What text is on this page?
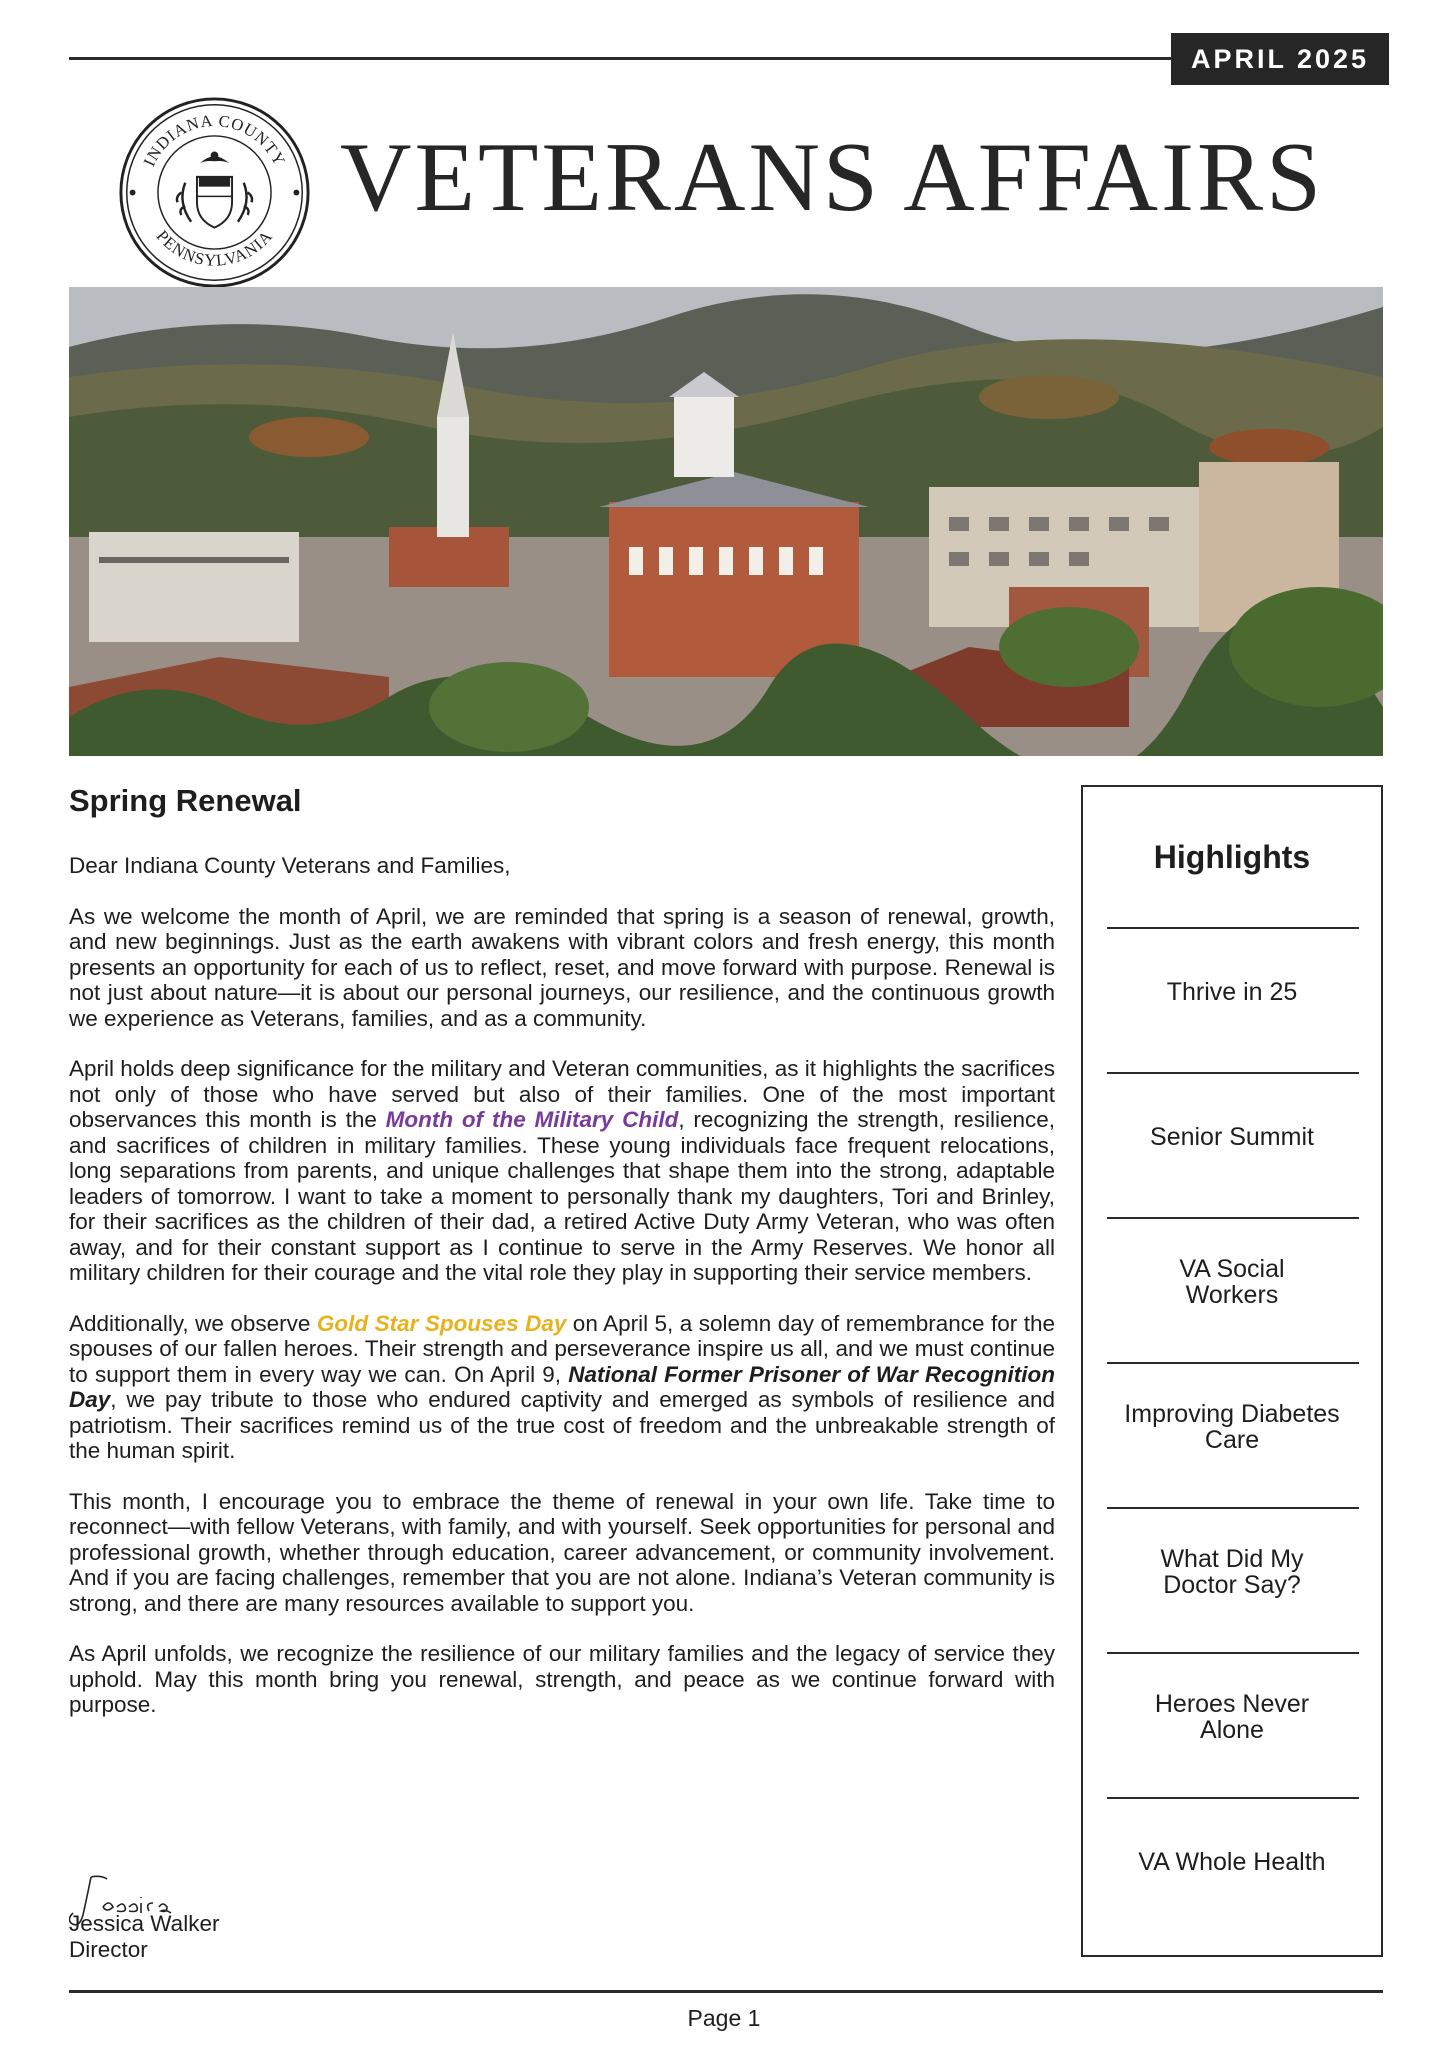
APRIL 2025
INDIANA COUNTY
PENNSYLVANIA
VETERANS AFFAIRS
Spring Renewal

Dear Indiana County Veterans and Families,

As we welcome the month of April, we are reminded that spring is a season of renewal, growth, and new beginnings. Just as the earth awakens with vibrant colors and fresh energy, this month presents an opportunity for each of us to reflect, reset, and move forward with purpose. Renewal is not just about nature—it is about our personal journeys, our resilience, and the continuous growth we experience as Veterans, families, and as a community.

April holds deep significance for the military and Veteran communities, as it highlights the sacrifices not only of those who have served but also of their families. One of the most important observances this month is the Month of the Military Child, recognizing the strength, resilience, and sacrifices of children in military families. These young individuals face frequent relocations, long separations from parents, and unique challenges that shape them into the strong, adaptable leaders of tomorrow. I want to take a moment to personally thank my daughters, Tori and Brinley, for their sacrifices as the children of their dad, a retired Active Duty Army Veteran, who was often away, and for their constant support as I continue to serve in the Army Reserves. We honor all military children for their courage and the vital role they play in supporting their service members.

Additionally, we observe Gold Star Spouses Day on April 5, a solemn day of remembrance for the spouses of our fallen heroes. Their strength and perseverance inspire us all, and we must continue to support them in every way we can. On April 9, National Former Prisoner of War Recognition Day, we pay tribute to those who endured captivity and emerged as symbols of resilience and patriotism. Their sacrifices remind us of the true cost of freedom and the unbreakable strength of the human spirit.

This month, I encourage you to embrace the theme of renewal in your own life. Take time to reconnect—with fellow Veterans, with family, and with yourself. Seek opportunities for personal and professional growth, whether through education, career advancement, or community involvement. And if you are facing challenges, remember that you are not alone. Indiana’s Veteran community is strong, and there are many resources available to support you.

As April unfolds, we recognize the resilience of our military families and the legacy of service they uphold. May this month bring you renewal, strength, and peace as we continue forward with purpose.

Jessica Walker
Director
Highlights
Thrive in 25
Senior Summit
VA Social Workers
Improving Diabetes Care
What Did My Doctor Say?
Heroes Never Alone
VA Whole Health
Page 1
